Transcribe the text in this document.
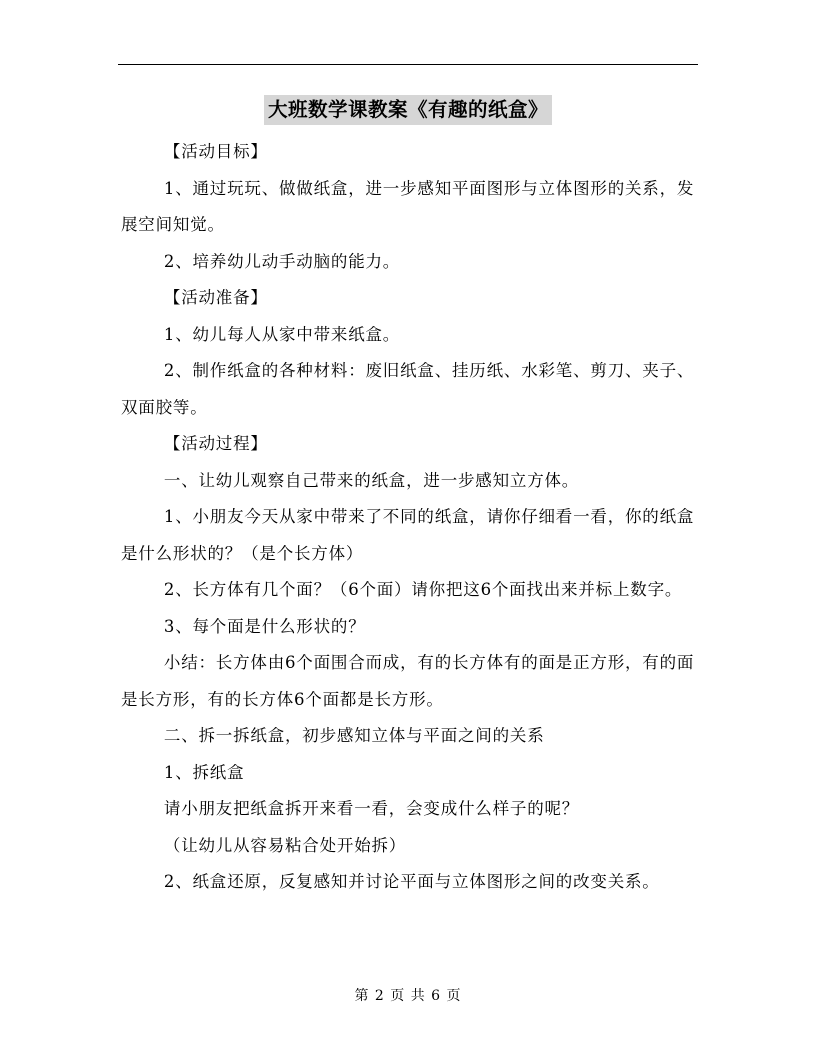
大班数学课教案《有趣的纸盒》

【活动目标】

1、通过玩玩、做做纸盒，进一步感知平面图形与立体图形的关系，发展空间知觉。

2、培养幼儿动手动脑的能力。

【活动准备】

1、幼儿每人从家中带来纸盒。

2、制作纸盒的各种材料：废旧纸盒、挂历纸、水彩笔、剪刀、夹子、双面胶等。

【活动过程】

一、让幼儿观察自己带来的纸盒，进一步感知立方体。

1、小朋友今天从家中带来了不同的纸盒，请你仔细看一看，你的纸盒是什么形状的？（是个长方体）

2、长方体有几个面？（6个面）请你把这6个面找出来并标上数字。

3、每个面是什么形状的？

小结：长方体由6个面围合而成，有的长方体有的面是正方形，有的面是长方形，有的长方体6个面都是长方形。

二、拆一拆纸盒，初步感知立体与平面之间的关系

1、拆纸盒

请小朋友把纸盒拆开来看一看，会变成什么样子的呢？

（让幼儿从容易粘合处开始拆）

2、纸盒还原，反复感知并讨论平面与立体图形之间的改变关系。

第 2 页 共 6 页
